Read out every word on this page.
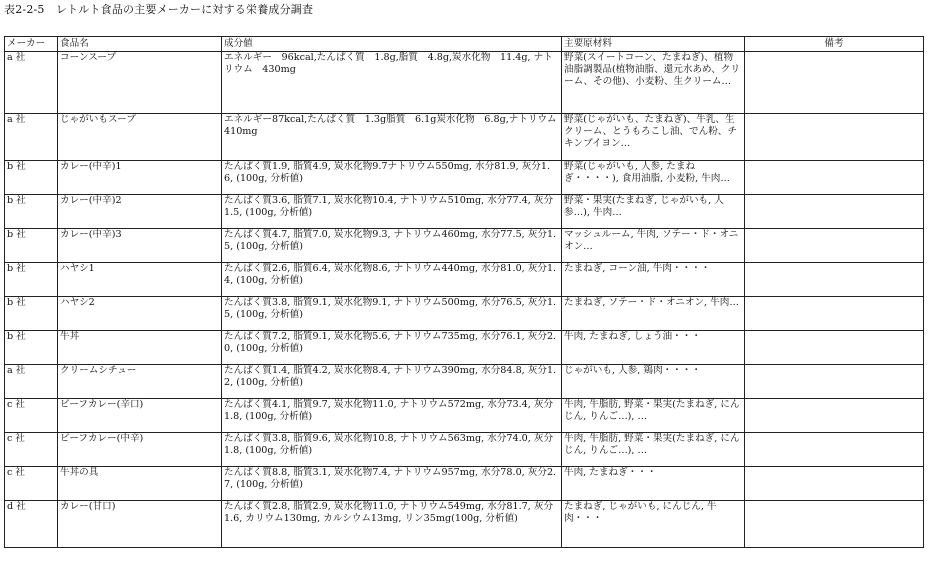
表2-2-5　レトルト食品の主要メーカーに対する栄養成分調査
メーカー	食品名	成分値	主要原材料	備考
a 社	コーンスープ	エネルギー　96kcal,たんぱく質　1.8g,脂質　4.8g,炭水化物　11.4g, ナトリウム　430mg	野菜(スイートコーン、たまねぎ)、植物油脂調製品(植物油脂、還元水あめ、クリーム、その他)、小麦粉、生クリーム…	
a 社	じゃがいもスープ	エネルギー87kcal,たんぱく質　1.3g脂質　6.1g炭水化物　6.8g,ナトリウム　410mg	野菜(じゃがいも、たまねぎ)、牛乳、生クリーム、とうもろこし油、でん粉、チキンブイヨン…	
b 社	カレー(中辛)1	たんぱく質1.9, 脂質4.9, 炭水化物9.7ナトリウム550mg, 水分81.9, 灰分1.6, (100g, 分析値)	野菜(じゃがいも, 人参, たまねぎ・・・・), 食用油脂, 小麦粉, 牛肉…	
b 社	カレー(中辛)2	たんぱく質3.6, 脂質7.1, 炭水化物10.4, ナトリウム510mg, 水分77.4, 灰分1.5, (100g, 分析値)	野菜・果実(たまねぎ, じゃがいも, 人参…), 牛肉…	
b 社	カレー(中辛)3	たんぱく質4.7, 脂質7.0, 炭水化物9.3, ナトリウム460mg, 水分77.5, 灰分1.5, (100g, 分析値)	マッシュルーム, 牛肉, ソテー・ド・オニオン…	
b 社	ハヤシ1	たんぱく質2.6, 脂質6.4, 炭水化物8.6, ナトリウム440mg, 水分81.0, 灰分1.4, (100g, 分析値)	たまねぎ, コーン油, 牛肉・・・・	
b 社	ハヤシ2	たんぱく質3.8, 脂質9.1, 炭水化物9.1, ナトリウム500mg, 水分76.5, 灰分1.5, (100g, 分析値)	たまねぎ, ソテー・ド・オニオン, 牛肉…	
b 社	牛丼	たんぱく質7.2, 脂質9.1, 炭水化物5.6, ナトリウム735mg, 水分76.1, 灰分2.0, (100g, 分析値)	牛肉, たまねぎ, しょう油・・・	
a 社	クリームシチュー	たんぱく質1.4, 脂質4.2, 炭水化物8.4, ナトリウム390mg, 水分84.8, 灰分1.2, (100g, 分析値)	じゃがいも, 人参, 鶏肉・・・・	
c 社	ビーフカレー(辛口)	たんぱく質4.1, 脂質9.7, 炭水化物11.0, ナトリウム572mg, 水分73.4, 灰分1.8, (100g, 分析値)	牛肉, 牛脂肪, 野菜・果実(たまねぎ, にんじん, りんご…), …	
c 社	ビーフカレー(中辛)	たんぱく質3.8, 脂質9.6, 炭水化物10.8, ナトリウム563mg, 水分74.0, 灰分1.8, (100g, 分析値)	牛肉, 牛脂肪, 野菜・果実(たまねぎ, にんじん, りんご…), …	
c 社	牛丼の具	たんぱく質8.8, 脂質3.1, 炭水化物7.4, ナトリウム957mg, 水分78.0, 灰分2.7, (100g, 分析値)	牛肉, たまねぎ・・・	
d 社	カレー(甘口)	たんぱく質2.8, 脂質2.9, 炭水化物11.0, ナトリウム549mg, 水分81.7, 灰分1.6, カリウム130mg, カルシウム13mg, リン35mg(100g, 分析値)	たまねぎ, じゃがいも, にんじん, 牛肉・・・	
